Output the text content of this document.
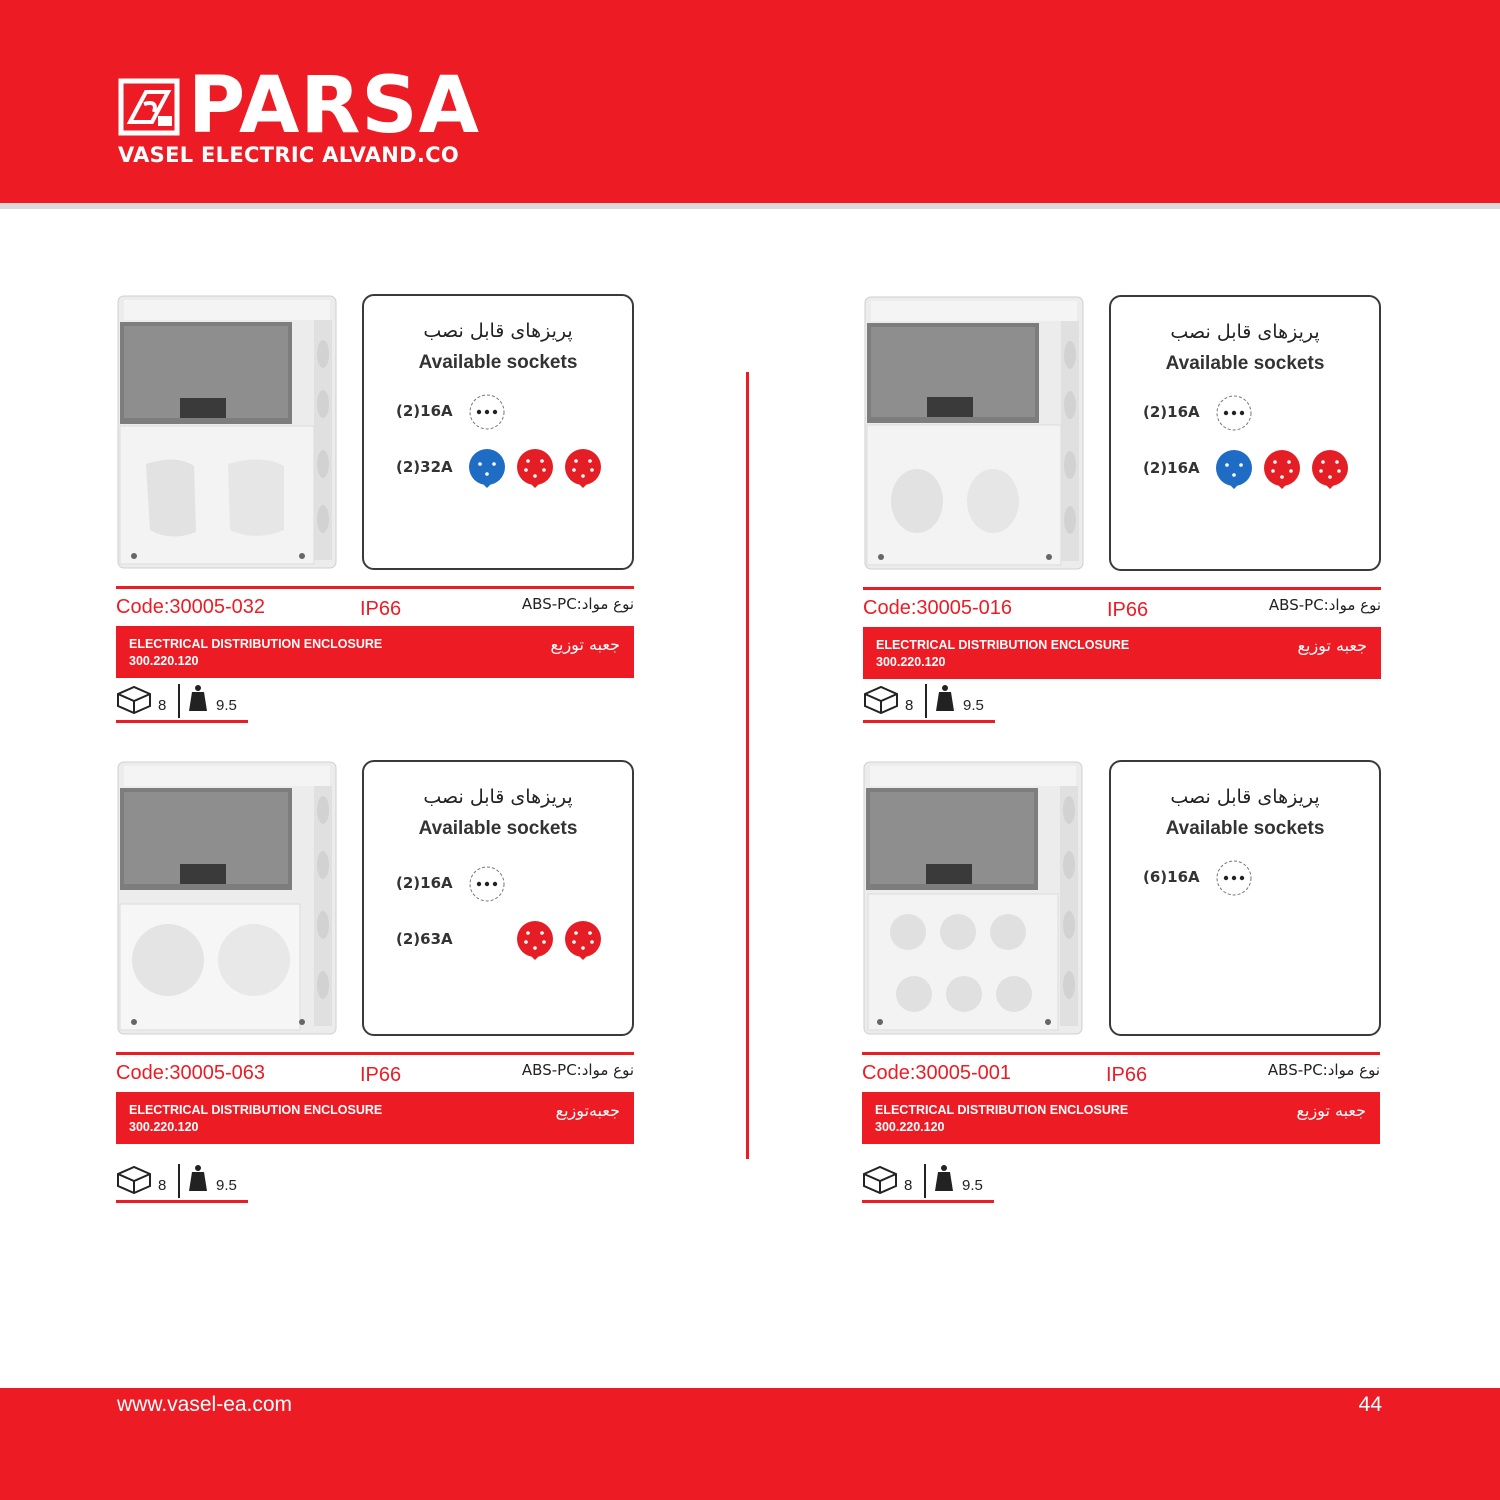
PARSA
VASEL ELECTRIC ALVAND.CO
پریزهای قابل نصب
Available sockets
(2)16A
(2)32A
Code:30005-032	IP66	ABS-PCنوع مواد:
ELECTRICAL DISTRIBUTION ENCLOSURE
300.220.120
جعبه توزیع
8	9.5
پریزهای قابل نصب
Available sockets
(2)16A
(2)16A
Code:30005-016	IP66	ABS-PCنوع مواد:
ELECTRICAL DISTRIBUTION ENCLOSURE
300.220.120
جعبه توزیع
8	9.5
پریزهای قابل نصب
Available sockets
(2)16A
(2)63A
Code:30005-063	IP66	ABS-PCنوع مواد:
ELECTRICAL DISTRIBUTION ENCLOSURE
300.220.120
جعبه‌توزیع
8	9.5
پریزهای قابل نصب
Available sockets
(6)16A
Code:30005-001	IP66	ABS-PCنوع مواد:
ELECTRICAL DISTRIBUTION ENCLOSURE
300.220.120
جعبه توزیع
8	9.5
www.vasel-ea.com	44
